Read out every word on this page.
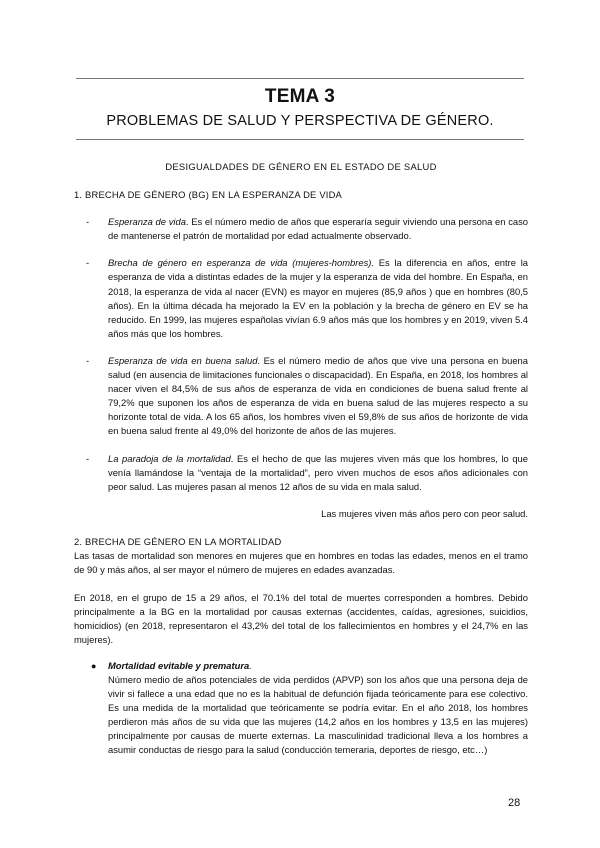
TEMA 3
PROBLEMAS DE SALUD Y PERSPECTIVA DE GÉNERO.

DESIGUALDADES DE GÉNERO EN EL ESTADO DE SALUD

1. BRECHA DE GÉNERO (BG) EN LA ESPERANZA DE VIDA

- Esperanza de vida. Es el número medio de años que esperaría seguir viviendo una persona en caso de mantenerse el patrón de mortalidad por edad actualmente observado.
- Brecha de género en esperanza de vida (mujeres-hombres). Es la diferencia en años, entre la esperanza de vida a distintas edades de la mujer y la esperanza de vida del hombre. En España, en 2018, la esperanza de vida al nacer (EVN) es mayor en mujeres (85,9 años ) que en hombres (80,5 años). En la última década ha mejorado la EV en la población y la brecha de género en EV se ha reducido. En 1999, las mujeres españolas vivían 6.9 años más que los hombres y en 2019, viven 5.4 años más que los hombres.
- Esperanza de vida en buena salud. Es el número medio de años que vive una persona en buena salud (en ausencia de limitaciones funcionales o discapacidad). En España, en 2018, los hombres al nacer viven el 84,5% de sus años de esperanza de vida en condiciones de buena salud frente al 79,2% que suponen los años de esperanza de vida en buena salud de las mujeres respecto a su horizonte total de vida. A los 65 años, los hombres viven el 59,8% de sus años de horizonte de vida en buena salud frente al 49,0% del horizonte de años de las mujeres.
- La paradoja de la mortalidad. Es el hecho de que las mujeres viven más que los hombres, lo que venía llamándose la “ventaja de la mortalidad”, pero viven muchos de esos años adicionales con peor salud. Las mujeres pasan al menos 12 años de su vida en mala salud.

Las mujeres viven más años pero con peor salud.

2. BRECHA DE GÉNERO EN LA MORTALIDAD

Las tasas de mortalidad son menores en mujeres que en hombres en todas las edades, menos en el tramo de 90 y más años, al ser mayor el número de mujeres en edades avanzadas.

En 2018, en el grupo de 15 a 29 años, el 70.1% del total de muertes corresponden a hombres. Debido principalmente a la BG en la mortalidad por causas externas (accidentes, caídas, agresiones, suicidios, homicidios) (en 2018, representaron el 43,2% del total de los fallecimientos en hombres y el 24,7% en las mujeres).

● Mortalidad evitable y prematura.
Número medio de años potenciales de vida perdidos (APVP) son los años que una persona deja de vivir si fallece a una edad que no es la habitual de defunción fijada teóricamente para ese colectivo. Es una medida de la mortalidad que teóricamente se podría evitar. En el año 2018, los hombres perdieron más años de su vida que las mujeres (14,2 años en los hombres y 13,5 en las mujeres) principalmente por causas de muerte externas. La masculinidad tradicional lleva a los hombres a asumir conductas de riesgo para la salud (conducción temeraria, deportes de riesgo, etc…)
28
